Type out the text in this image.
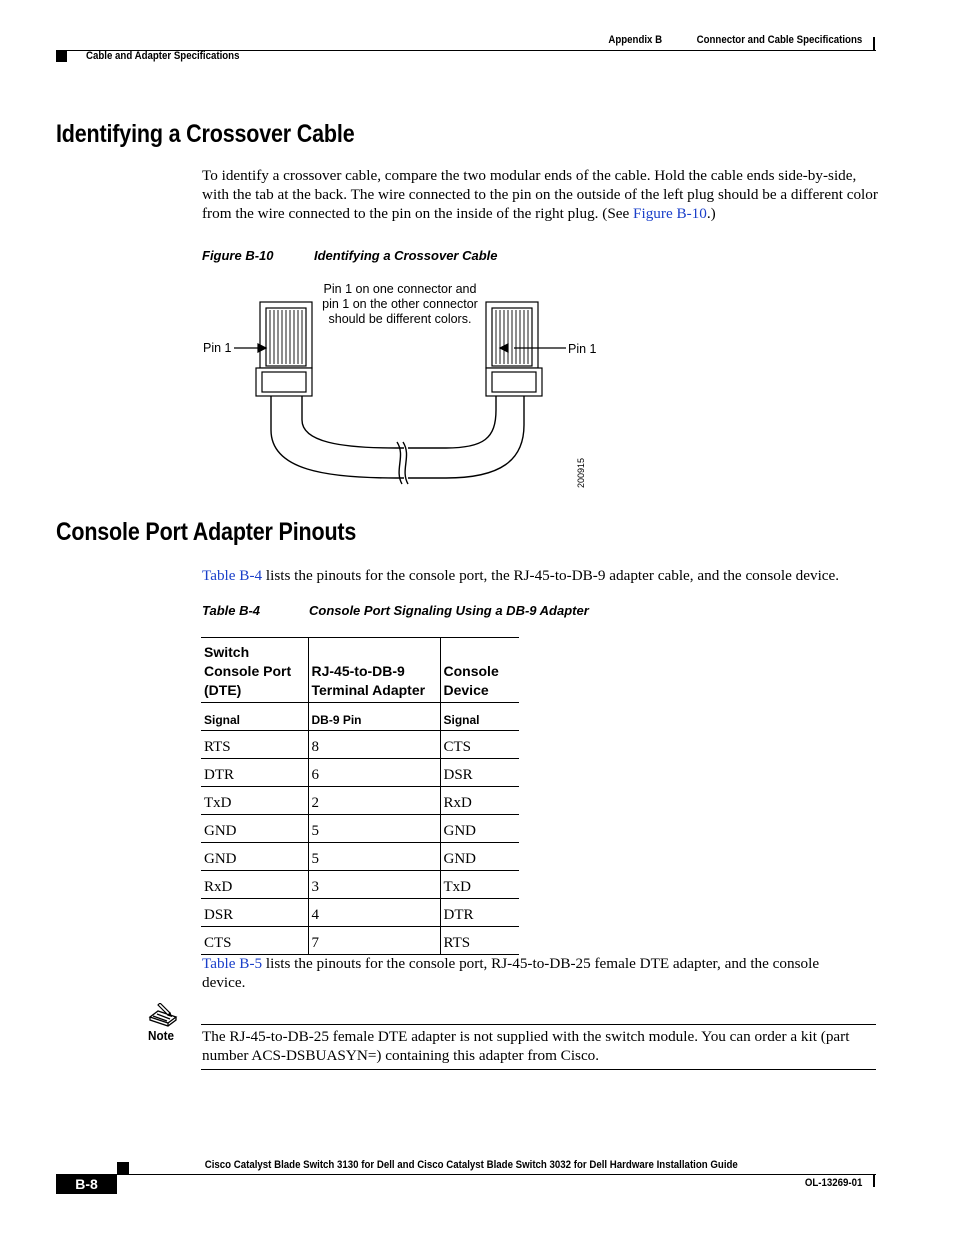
Appendix B	Connector and Cable Specifications
Cable and Adapter Specifications
Identifying a Crossover Cable

To identify a crossover cable, compare the two modular ends of the cable. Hold the cable ends side-by-side, with the tab at the back. The wire connected to the pin on the outside of the left plug should be a different color from the wire connected to the pin on the inside of the right plug. (See Figure B-10.)

Figure B-10	Identifying a Crossover Cable
Pin 1 on one connector and
pin 1 on the other connector
should be different colors.
Pin 1	Pin 1
200915
Console Port Adapter Pinouts

Table B-4 lists the pinouts for the console port, the RJ-45-to-DB-9 adapter cable, and the console device.

Table B-4	Console Port Signaling Using a DB-9 Adapter
Switch Console Port (DTE)	RJ-45-to-DB-9 Terminal Adapter	Console Device
Signal	DB-9 Pin	Signal
RTS	8	CTS
DTR	6	DSR
TxD	2	RxD
GND	5	GND
GND	5	GND
RxD	3	TxD
DSR	4	DTR
CTS	7	RTS

Table B-5 lists the pinouts for the console port, RJ-45-to-DB-25 female DTE adapter, and the console device.

Note The RJ-45-to-DB-25 female DTE adapter is not supplied with the switch module. You can order a kit (part number ACS-DSBUASYN=) containing this adapter from Cisco.

B-8
Cisco Catalyst Blade Switch 3130 for Dell and Cisco Catalyst Blade Switch 3032 for Dell Hardware Installation Guide
OL-13269-01
